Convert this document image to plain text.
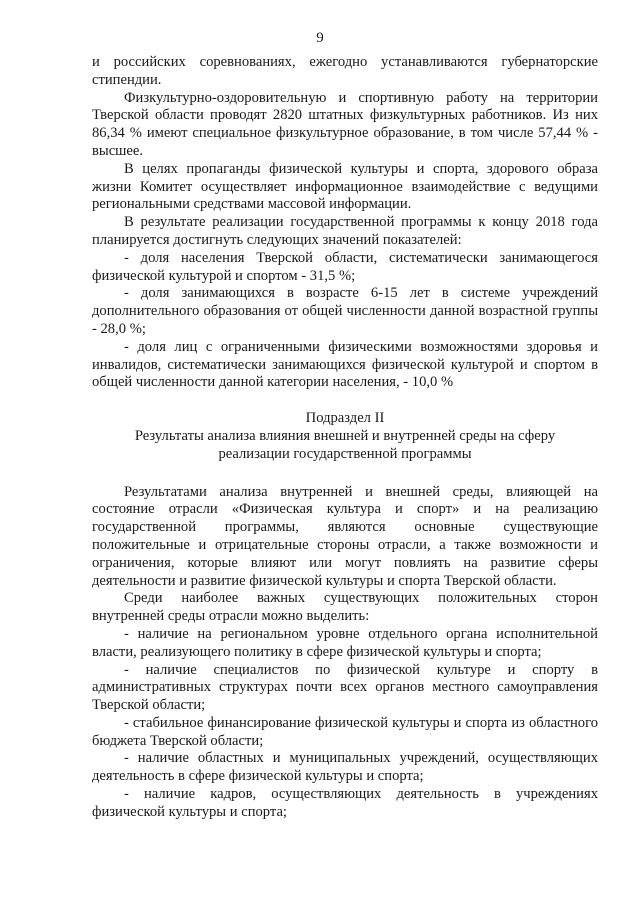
9

и российских соревнованиях, ежегодно устанавливаются губернаторские стипендии.

Физкультурно-оздоровительную и спортивную работу на территории Тверской области проводят 2820 штатных физкультурных работников. Из них 86,34 % имеют специальное физкультурное образование, в том числе 57,44 % - высшее.

В целях пропаганды физической культуры и спорта, здорового образа жизни Комитет осуществляет информационное взаимодействие с ведущими региональными средствами массовой информации.

В результате реализации государственной программы к концу 2018 года планируется достигнуть следующих значений показателей:

- доля населения Тверской области, систематически занимающегося физической культурой и спортом - 31,5 %;

- доля занимающихся в возрасте 6-15 лет в системе учреждений дополнительного образования от общей численности данной возрастной группы - 28,0 %;

- доля лиц с ограниченными физическими возможностями здоровья и инвалидов, систематически занимающихся физической культурой и спортом в общей численности данной категории населения, - 10,0 %

Подраздел II

Результаты анализа влияния внешней и внутренней среды на сферу

реализации государственной программы

Результатами анализа внутренней и внешней среды, влияющей на состояние отрасли «Физическая культура и спорт» и на реализацию государственной программы, являются основные существующие положительные и отрицательные стороны отрасли, а также возможности и ограничения, которые влияют или могут повлиять на развитие сферы деятельности и развитие физической культуры и спорта Тверской области.

Среди наиболее важных существующих положительных сторон внутренней среды отрасли можно выделить:

- наличие на региональном уровне отдельного органа исполнительной власти, реализующего политику в сфере физической культуры и спорта;

- наличие специалистов по физической культуре и спорту в административных структурах почти всех органов местного самоуправления Тверской области;

- стабильное финансирование физической культуры и спорта из областного бюджета Тверской области;

- наличие областных и муниципальных учреждений, осуществляющих деятельность в сфере физической культуры и спорта;

- наличие кадров, осуществляющих деятельность в учреждениях физической культуры и спорта;
